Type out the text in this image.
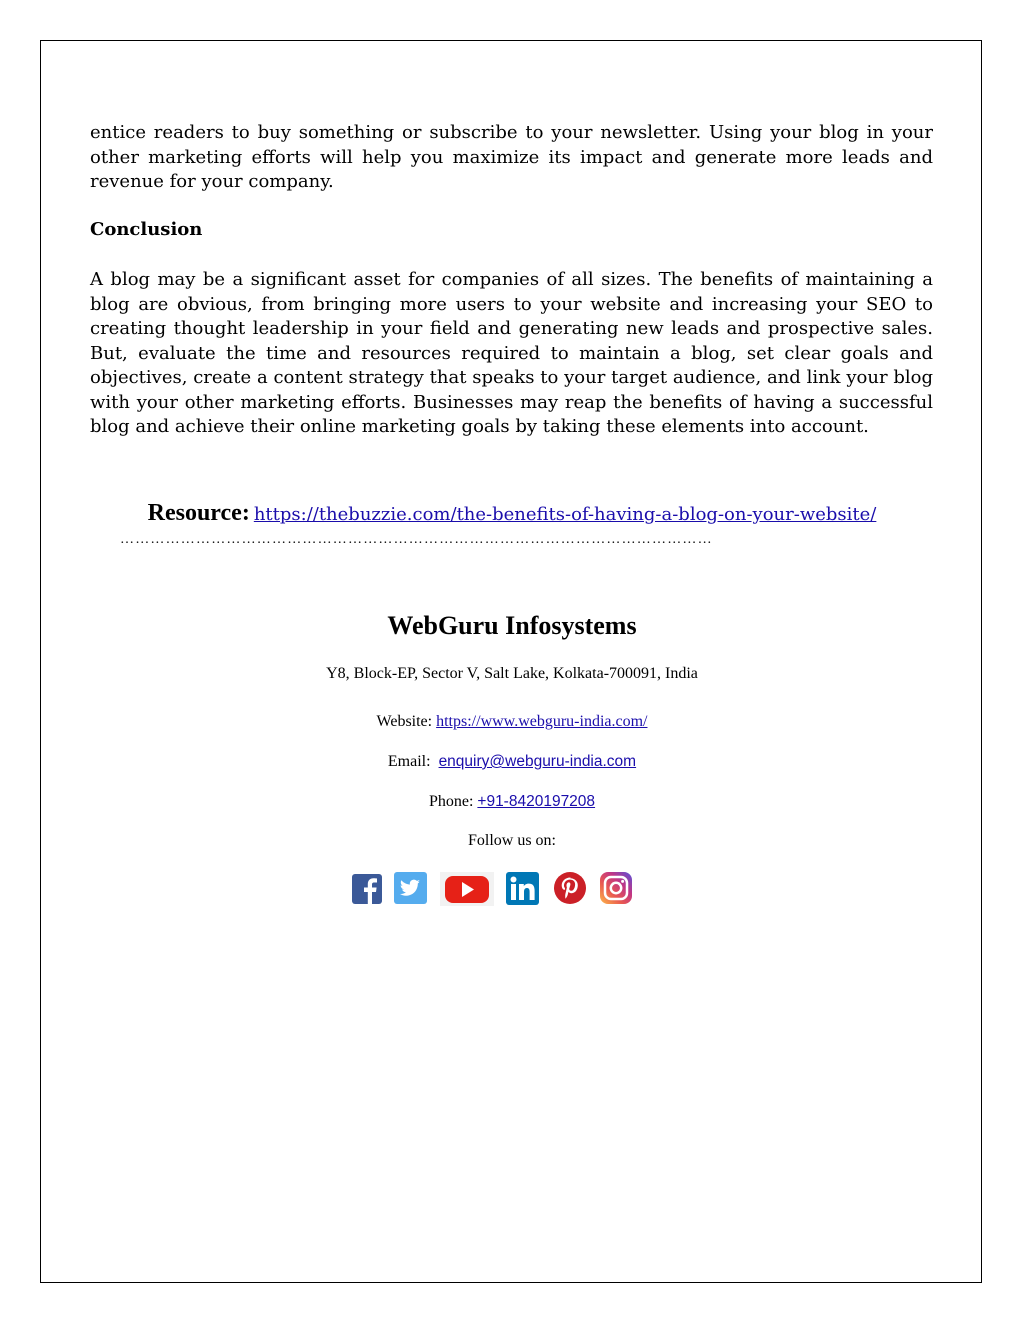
entice readers to buy something or subscribe to your newsletter. Using your blog in your other marketing efforts will help you maximize its impact and generate more leads and revenue for your company.

Conclusion

A blog may be a significant asset for companies of all sizes. The benefits of maintaining a blog are obvious, from bringing more users to your website and increasing your SEO to creating thought leadership in your field and generating new leads and prospective sales. But, evaluate the time and resources required to maintain a blog, set clear goals and objectives, create a content strategy that speaks to your target audience, and link your blog with your other marketing efforts. Businesses may reap the benefits of having a successful blog and achieve their online marketing goals by taking these elements into account.

Resource: https://thebuzzie.com/the-benefits-of-having-a-blog-on-your-website/
………………………………………………………………………………………………………
WebGuru Infosystems
Y8, Block-EP, Sector V, Salt Lake, Kolkata-700091, India
Website: https://www.webguru-india.com/
Email: enquiry@webguru-india.com
Phone: +91-8420197208
Follow us on:
